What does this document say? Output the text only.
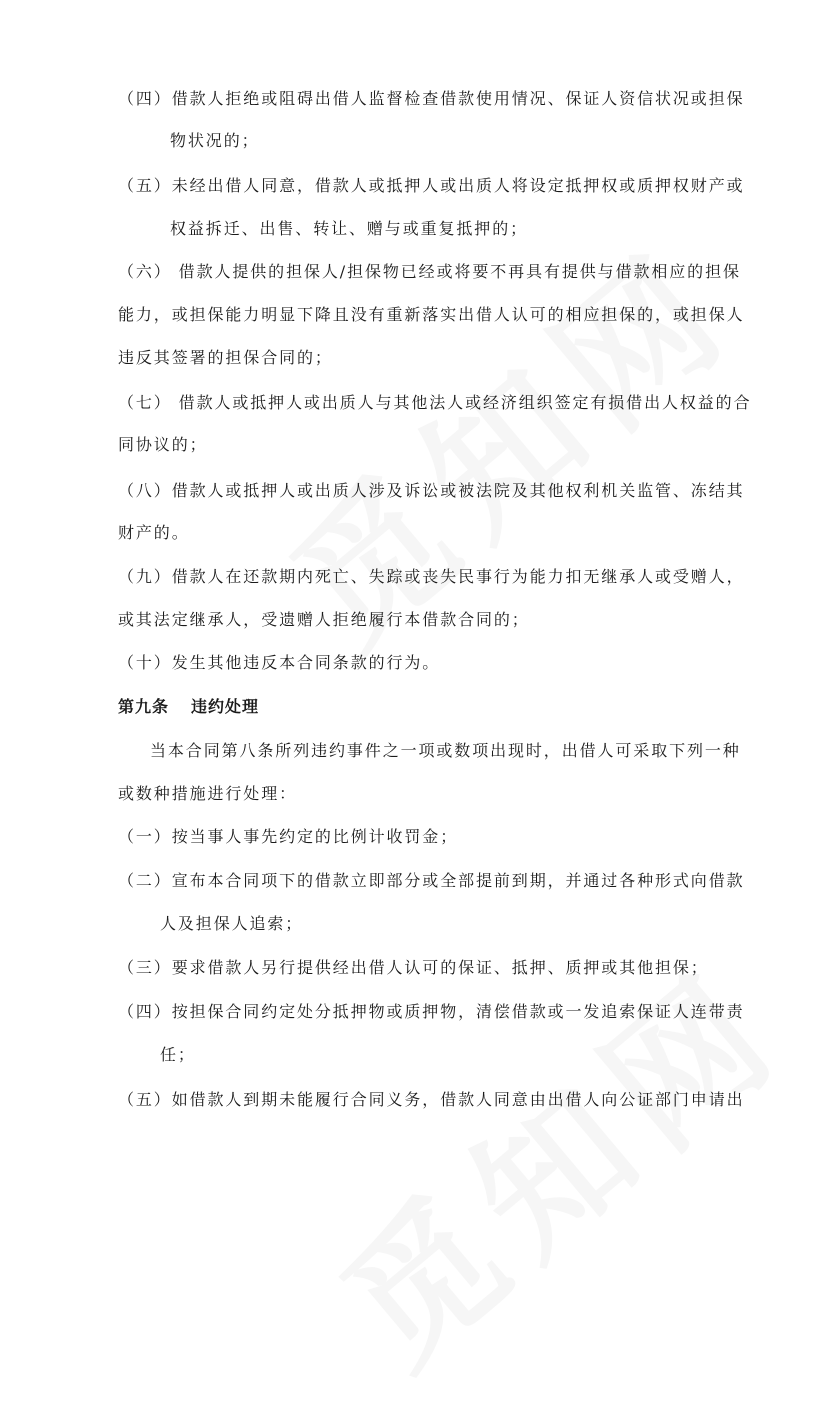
（四）借款人拒绝或阻碍出借人监督检查借款使用情况、保证人资信状况或担保
物状况的；
（五）未经出借人同意，借款人或抵押人或出质人将设定抵押权或质押权财产或
权益拆迁、出售、转让、赠与或重复抵押的；
（六） 借款人提供的担保人/担保物已经或将要不再具有提供与借款相应的担保
能力，或担保能力明显下降且没有重新落实出借人认可的相应担保的，或担保人
违反其签署的担保合同的；
（七） 借款人或抵押人或出质人与其他法人或经济组织签定有损借出人权益的合
同协议的；
（八）借款人或抵押人或出质人涉及诉讼或被法院及其他权利机关监管、冻结其
财产的。
（九）借款人在还款期内死亡、失踪或丧失民事行为能力扣无继承人或受赠人，
或其法定继承人，受遗赠人拒绝履行本借款合同的；
（十）发生其他违反本合同条款的行为。
第九条 违约处理
当本合同第八条所列违约事件之一项或数项出现时，出借人可采取下列一种
或数种措施进行处理：
（一）按当事人事先约定的比例计收罚金；
（二）宣布本合同项下的借款立即部分或全部提前到期，并通过各种形式向借款
人及担保人追索；
（三）要求借款人另行提供经出借人认可的保证、抵押、质押或其他担保；
（四）按担保合同约定处分抵押物或质押物，清偿借款或一发追索保证人连带责
任；
（五）如借款人到期未能履行合同义务，借款人同意由出借人向公证部门申请出
